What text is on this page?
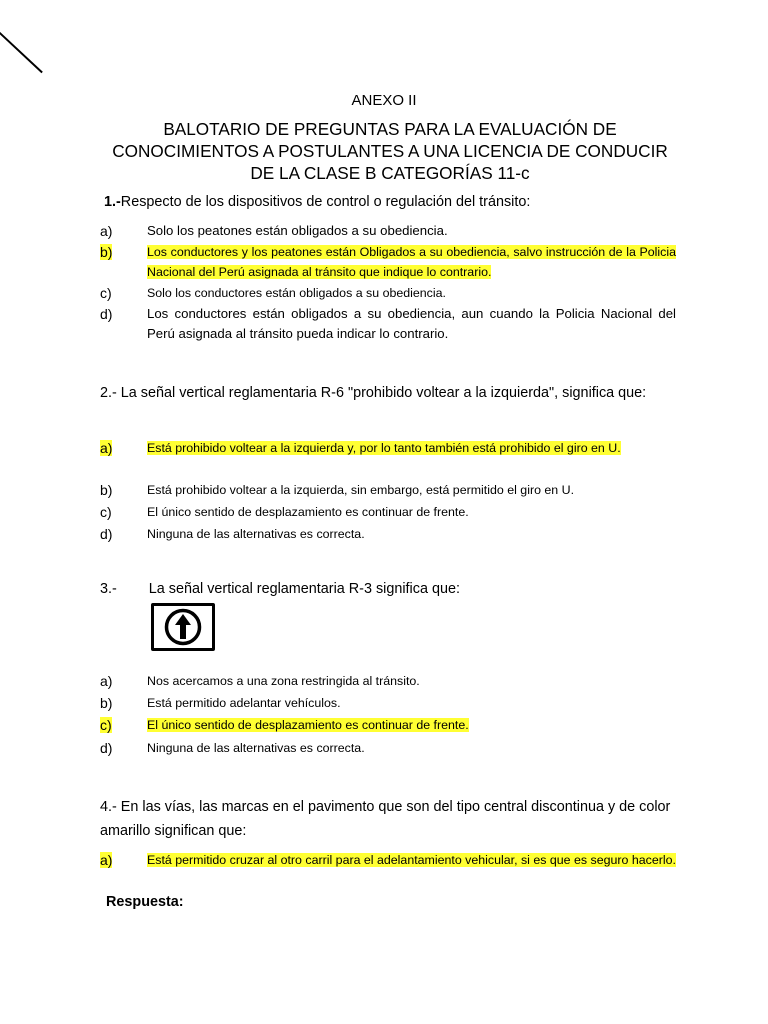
ANEXO II
BALOTARIO DE PREGUNTAS PARA LA EVALUACIÓN DE
CONOCIMIENTOS A POSTULANTES A UNA LICENCIA DE CONDUCIR
DE LA CLASE B CATEGORÍAS 11-c
1.-Respecto de los dispositivos de control o regulación del tránsito:
a)	Solo los peatones están obligados a su obediencia.
b)	Los conductores y los peatones están Obligados a su obediencia, salvo instrucción de la Policia Nacional del Perú asignada al tránsito que indique lo contrario.
c)	Solo los conductores están obligados a su obediencia.
d)	Los conductores están obligados a su obediencia, aun cuando la Policia Nacional del Perú asignada al tránsito pueda indicar lo contrario.
2.- La señal vertical reglamentaria R-6 "prohibido voltear a la izquierda", significa que:
a)	Está prohibido voltear a la izquierda y, por lo tanto también está prohibido el giro en U.
b)	Está prohibido voltear a la izquierda, sin embargo, está permitido el giro en U.
c)	El único sentido de desplazamiento es continuar de frente.
d)	Ninguna de las alternativas es correcta.
3.- La señal vertical reglamentaria R-3 significa que:
a)	Nos acercamos a una zona restringida al tránsito.
b)	Está permitido adelantar vehículos.
c)	El único sentido de desplazamiento es continuar de frente.
d)	Ninguna de las alternativas es correcta.
4.- En las vías, las marcas en el pavimento que son del tipo central discontinua y de color amarillo significan que:
a)	Está permitido cruzar al otro carril para el adelantamiento vehicular, si es que es seguro hacerlo.
Respuesta:
